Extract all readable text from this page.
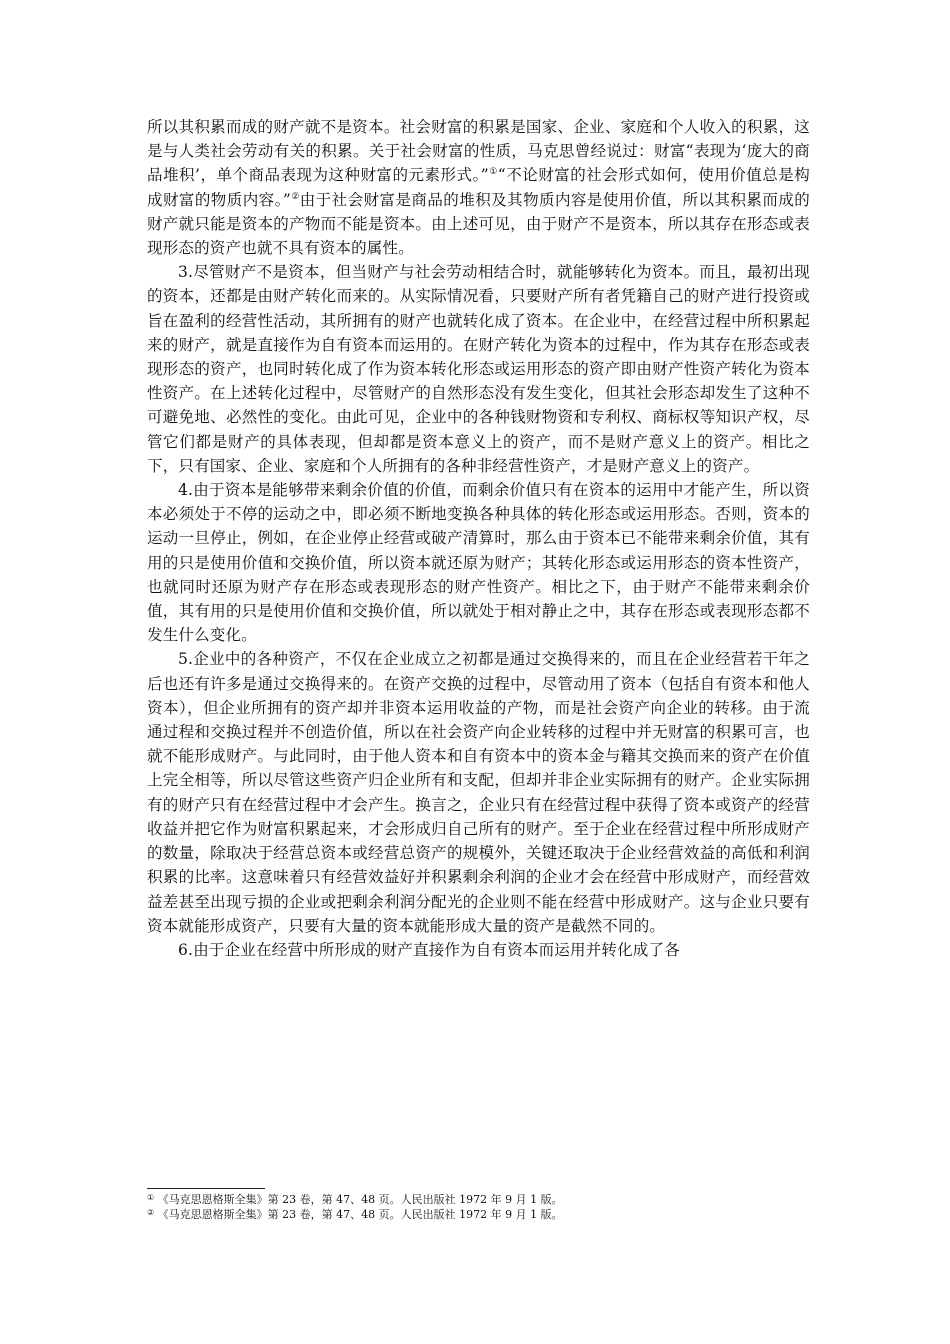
所以其积累而成的财产就不是资本。社会财富的积累是国家、企业、家庭和个人收入的积累，这是与人类社会劳动有关的积累。关于社会财富的性质，马克思曾经说过：财富“表现为‘庞大的商品堆积’，单个商品表现为这种财富的元素形式。”①“不论财富的社会形式如何，使用价值总是构成财富的物质内容。”②由于社会财富是商品的堆积及其物质内容是使用价值，所以其积累而成的财产就只能是资本的产物而不能是资本。由上述可见，由于财产不是资本，所以其存在形态或表现形态的资产也就不具有资本的属性。

3.尽管财产不是资本，但当财产与社会劳动相结合时，就能够转化为资本。而且，最初出现的资本，还都是由财产转化而来的。从实际情况看，只要财产所有者凭籍自己的财产进行投资或旨在盈利的经营性活动，其所拥有的财产也就转化成了资本。在企业中，在经营过程中所积累起来的财产，就是直接作为自有资本而运用的。在财产转化为资本的过程中，作为其存在形态或表现形态的资产，也同时转化成了作为资本转化形态或运用形态的资产即由财产性资产转化为资本性资产。在上述转化过程中，尽管财产的自然形态没有发生变化，但其社会形态却发生了这种不可避免地、必然性的变化。由此可见，企业中的各种钱财物资和专利权、商标权等知识产权，尽管它们都是财产的具体表现，但却都是资本意义上的资产，而不是财产意义上的资产。相比之下，只有国家、企业、家庭和个人所拥有的各种非经营性资产，才是财产意义上的资产。

4.由于资本是能够带来剩余价值的价值，而剩余价值只有在资本的运用中才能产生，所以资本必须处于不停的运动之中，即必须不断地变换各种具体的转化形态或运用形态。否则，资本的运动一旦停止，例如，在企业停止经营或破产清算时，那么由于资本已不能带来剩余价值，其有用的只是使用价值和交换价值，所以资本就还原为财产；其转化形态或运用形态的资本性资产，也就同时还原为财产存在形态或表现形态的财产性资产。相比之下，由于财产不能带来剩余价值，其有用的只是使用价值和交换价值，所以就处于相对静止之中，其存在形态或表现形态都不发生什么变化。

5.企业中的各种资产，不仅在企业成立之初都是通过交换得来的，而且在企业经营若干年之后也还有许多是通过交换得来的。在资产交换的过程中，尽管动用了资本（包括自有资本和他人资本），但企业所拥有的资产却并非资本运用收益的产物，而是社会资产向企业的转移。由于流通过程和交换过程并不创造价值，所以在社会资产向企业转移的过程中并无财富的积累可言，也就不能形成财产。与此同时，由于他人资本和自有资本中的资本金与籍其交换而来的资产在价值上完全相等，所以尽管这些资产归企业所有和支配，但却并非企业实际拥有的财产。企业实际拥有的财产只有在经营过程中才会产生。换言之，企业只有在经营过程中获得了资本或资产的经营收益并把它作为财富积累起来，才会形成归自己所有的财产。至于企业在经营过程中所形成财产的数量，除取决于经营总资本或经营总资产的规模外，关键还取决于企业经营效益的高低和利润积累的比率。这意味着只有经营效益好并积累剩余利润的企业才会在经营中形成财产，而经营效益差甚至出现亏损的企业或把剩余利润分配光的企业则不能在经营中形成财产。这与企业只要有资本就能形成资产，只要有大量的资本就能形成大量的资产是截然不同的。

6.由于企业在经营中所形成的财产直接作为自有资本而运用并转化成了各

① 《马克思恩格斯全集》第 23 卷，第 47、48 页。人民出版社 1972 年 9 月 1 版。
② 《马克思恩格斯全集》第 23 卷，第 47、48 页。人民出版社 1972 年 9 月 1 版。
